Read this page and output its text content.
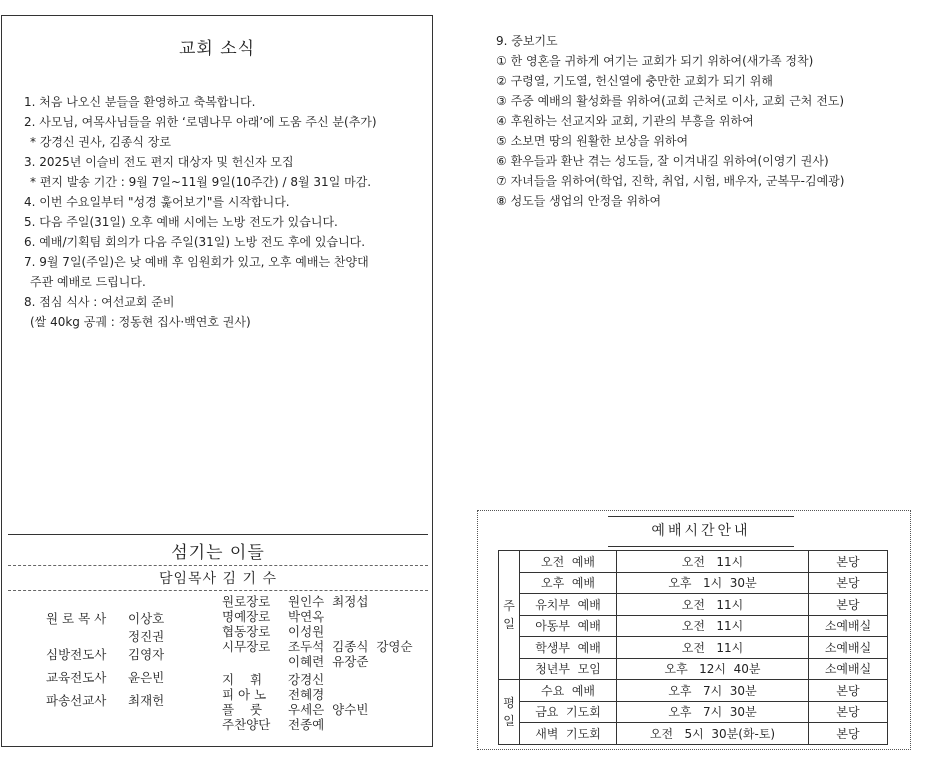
교회 소식
1. 처음 나오신 분들을 환영하고 축복합니다.
2. 사모님, 여목사님들을 위한 ‘로뎀나무 아래’에 도움 주신 분(추가)
* 강경신 권사, 김종식 장로
3. 2025년 이슬비 전도 편지 대상자 및 헌신자 모집
* 편지 발송 기간 : 9월 7일~11월 9일(10주간) / 8월 31일 마감.
4. 이번 수요일부터 "성경 훑어보기"를 시작합니다.
5. 다음 주일(31일) 오후 예배 시에는 노방 전도가 있습니다.
6. 예배/기획팀 회의가 다음 주일(31일) 노방 전도 후에 있습니다.
7. 9월 7일(주일)은 낮 예배 후 임원회가 있고, 오후 예배는 찬양대
주관 예배로 드립니다.
8. 점심 식사 : 여선교회 준비
(쌀 40kg 공궤 : 정동현 집사·백연호 권사)
섬기는 이들
담임목사 김 기 수
원 로 목 사 이상호
정진권
심방전도사 김영자
교육전도사 윤은빈
파송선교사 최재헌
원로장로 원인수  최정섭
명예장로 박연옥
협동장로 이성원
시무장로 조두석  김종식  강영순
이혜련  유장준
지    휘 강경신
피 아 노 전혜경
플    룻 우세은  양수빈
주찬양단 전종예
9. 중보기도
① 한 영혼을 귀하게 여기는 교회가 되기 위하여(새가족 정착)
② 구령열, 기도열, 헌신열에 충만한 교회가 되기 위해
③ 주중 예배의 활성화를 위하여(교회 근처로 이사, 교회 근처 전도)
④ 후원하는 선교지와 교회, 기관의 부흥을 위하여
⑤ 소보면 땅의 원활한 보상을 위하여
⑥ 환우들과 환난 겪는 성도들, 잘 이겨내길 위하여(이영기 권사)
⑦ 자녀들을 위하여(학업, 진학, 취업, 시험, 배우자, 군복무-김예광)
⑧ 성도들 생업의 안정을 위하여
예배시간안내
주
일	오전  예배	오전   11시	본당
	오후  예배	오후   1시  30분	본당
	유치부  예배	오전   11시	본당
	아동부  예배	오전   11시	소예배실
	학생부  예배	오전   11시	소예배실
	청년부  모임	오후   12시  40분	소예배실

평
일	수요  예배	오후   7시  30분	본당
	금요  기도회	오후   7시  30분	본당
	새벽  기도회	오전   5시  30분(화-토)	본당
